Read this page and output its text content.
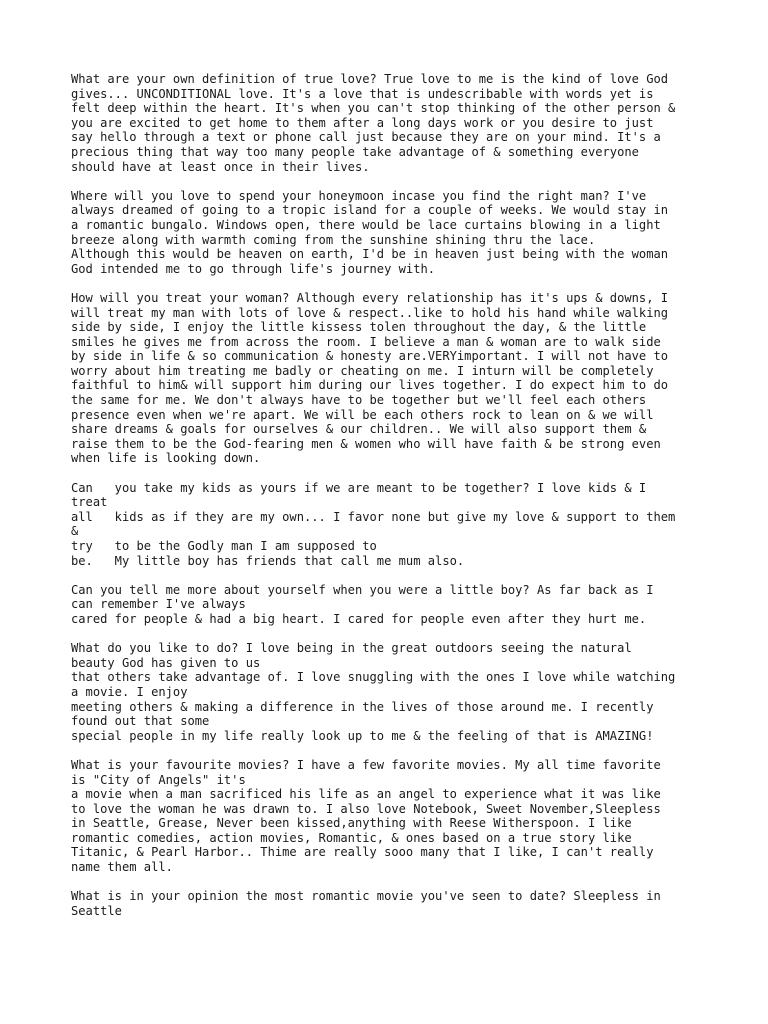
What are your own definition of true love? True love to me is the kind of love God
gives... UNCONDITIONAL love. It's a love that is undescribable with words yet is
felt deep within the heart. It's when you can't stop thinking of the other person &
you are excited to get home to them after a long days work or you desire to just
say hello through a text or phone call just because they are on your mind. It's a
precious thing that way too many people take advantage of & something everyone
should have at least once in their lives.

Where will you love to spend your honeymoon incase you find the right man? I've
always dreamed of going to a tropic island for a couple of weeks. We would stay in
a romantic bungalo. Windows open, there would be lace curtains blowing in a light
breeze along with warmth coming from the sunshine shining thru the lace.
Although this would be heaven on earth, I'd be in heaven just being with the woman
God intended me to go through life's journey with.

How will you treat your woman? Although every relationship has it's ups & downs, I
will treat my man with lots of love & respect..like to hold his hand while walking
side by side, I enjoy the little kissess tolen throughout the day, & the little
smiles he gives me from across the room. I believe a man & woman are to walk side
by side in life & so communication & honesty are.VERYimportant. I will not have to
worry about him treating me badly or cheating on me. I inturn will be completely
faithful to him& will support him during our lives together. I do expect him to do
the same for me. We don't always have to be together but we'll feel each others
presence even when we're apart. We will be each others rock to lean on & we will
share dreams & goals for ourselves & our children.. We will also support them &
raise them to be the God-fearing men & women who will have faith & be strong even
when life is looking down.

Can   you take my kids as yours if we are meant to be together? I love kids & I
treat
all   kids as if they are my own... I favor none but give my love & support to them
&
try   to be the Godly man I am supposed to
be.   My little boy has friends that call me mum also.

Can you tell me more about yourself when you were a little boy? As far back as I
can remember I've always
cared for people & had a big heart. I cared for people even after they hurt me.

What do you like to do? I love being in the great outdoors seeing the natural
beauty God has given to us
that others take advantage of. I love snuggling with the ones I love while watching
a movie. I enjoy
meeting others & making a difference in the lives of those around me. I recently
found out that some
special people in my life really look up to me & the feeling of that is AMAZING!

What is your favourite movies? I have a few favorite movies. My all time favorite
is "City of Angels" it's
a movie when a man sacrificed his life as an angel to experience what it was like
to love the woman he was drawn to. I also love Notebook, Sweet November,Sleepless
in Seattle, Grease, Never been kissed,anything with Reese Witherspoon. I like
romantic comedies, action movies, Romantic, & ones based on a true story like
Titanic, & Pearl Harbor.. Thime are really sooo many that I like, I can't really
name them all.

What is in your opinion the most romantic movie you've seen to date? Sleepless in
Seattle
